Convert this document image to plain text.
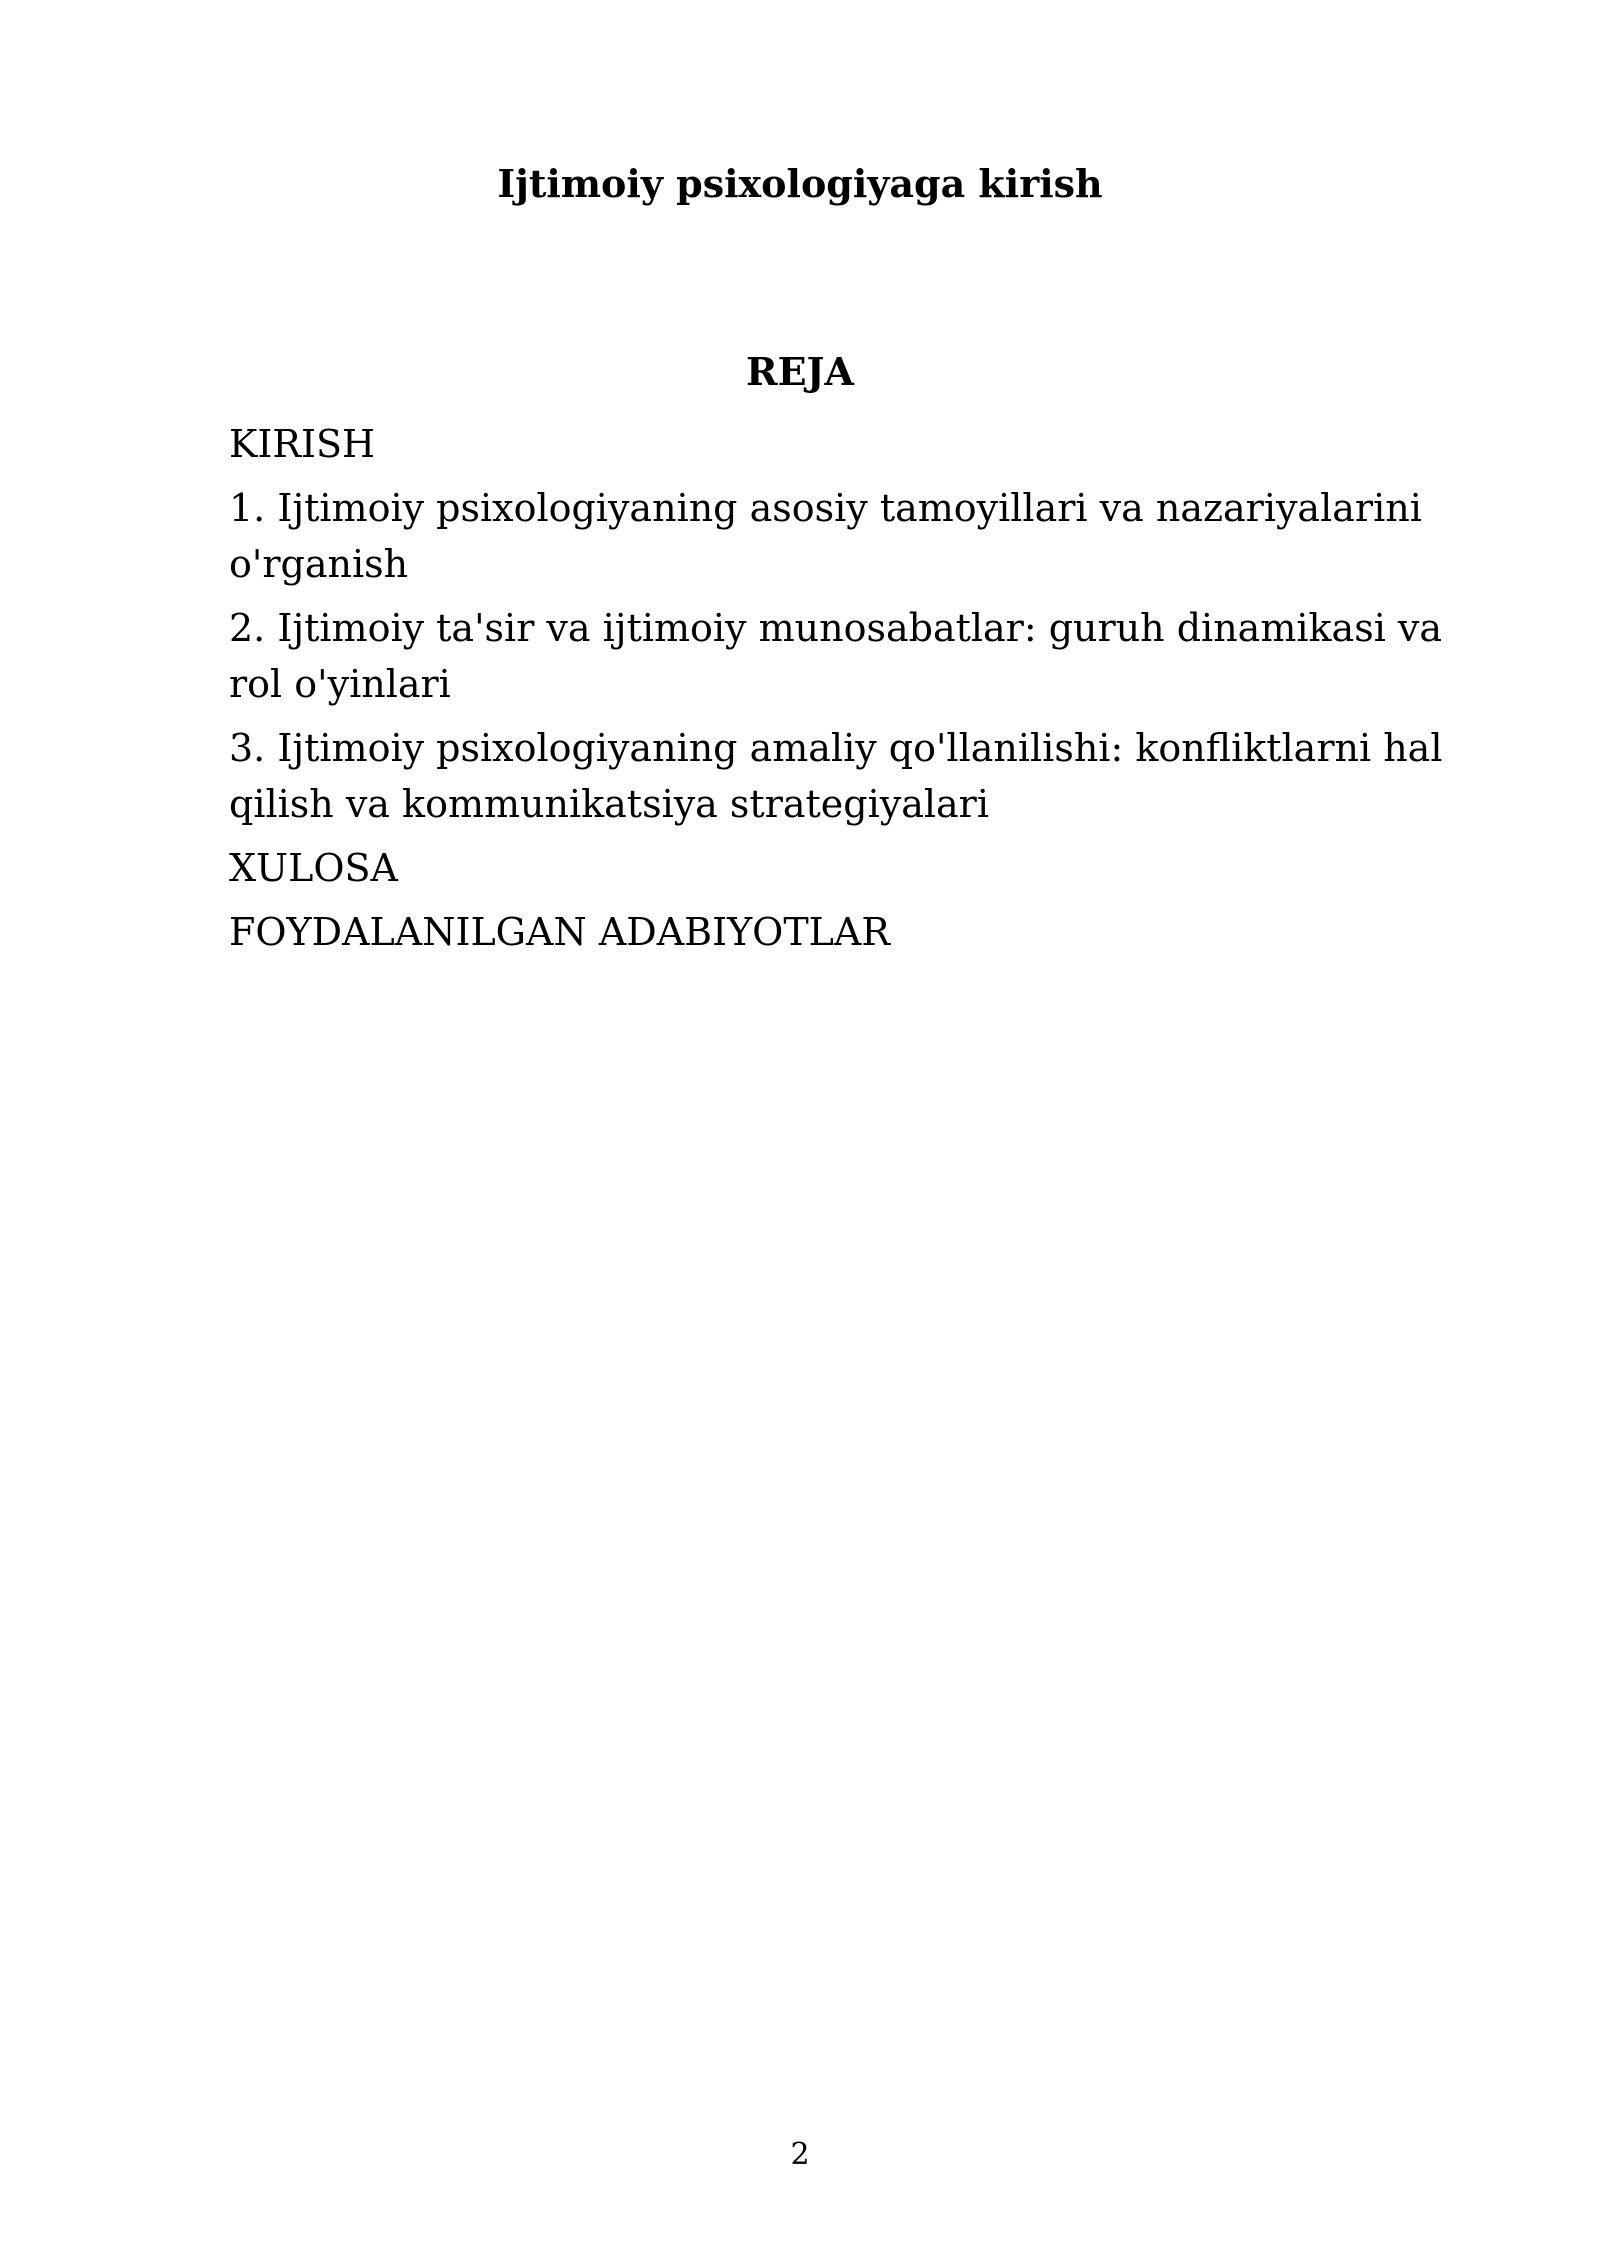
Ijtimoiy psixologiyaga kirish
REJA
KIRISH
1. Ijtimoiy psixologiyaning asosiy tamoyillari va nazariyalarini o'rganish
2. Ijtimoiy ta'sir va ijtimoiy munosabatlar: guruh dinamikasi va rol o'yinlari
3. Ijtimoiy psixologiyaning amaliy qo'llanilishi: konfliktlarni hal qilish va kommunikatsiya strategiyalari
XULOSA
FOYDALANILGAN ADABIYOTLAR
2
